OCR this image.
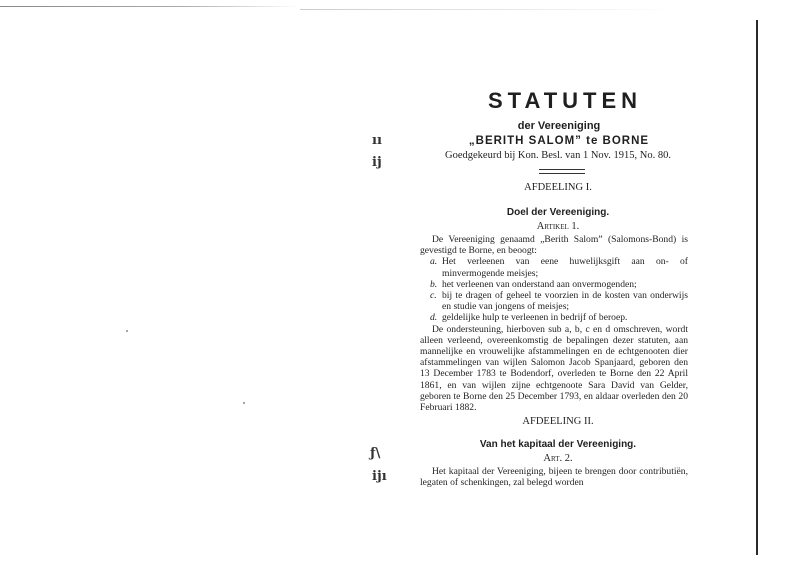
ıı
ĳ
ƒ\
ĳı
STATUTEN
der Vereeniging
„BERITH SALOM” te BORNE
Goedgekeurd bij Kon. Besl. van 1 Nov. 1915, No. 80.
AFDEELING I.
Doel der Vereeniging.
Artikel 1.

De Vereeniging genaamd „Berith Salom” (Salomons-Bond) is gevestigd te Borne, en beoogt:

a. Het verleenen van eene huwelijksgift aan on- of minvermogende meisjes;
b. het verleenen van onderstand aan onvermogenden;
c. bij te dragen of geheel te voorzien in de kosten van onderwijs en studie van jongens of meisjes;
d. geldelijke hulp te verleenen in bedrijf of beroep.

De ondersteuning, hierboven sub a, b, c en d omschreven, wordt alleen verleend, overeenkomstig de bepalingen dezer statuten, aan mannelijke en vrouwelijke afstammelingen en de echtgenooten dier afstammelingen van wijlen Salomon Jacob Spanjaard, geboren den 13 December 1783 te Bodendorf, overleden te Borne den 22 April 1861, en van wijlen zijne echtgenoote Sara David van Gelder, geboren te Borne den 25 December 1793, en aldaar overleden den 20 Februari 1882.

AFDEELING II.
Van het kapitaal der Vereeniging.
Art. 2.

Het kapitaal der Vereeniging, bijeen te brengen door contributiën, legaten of schenkingen, zal belegd worden
